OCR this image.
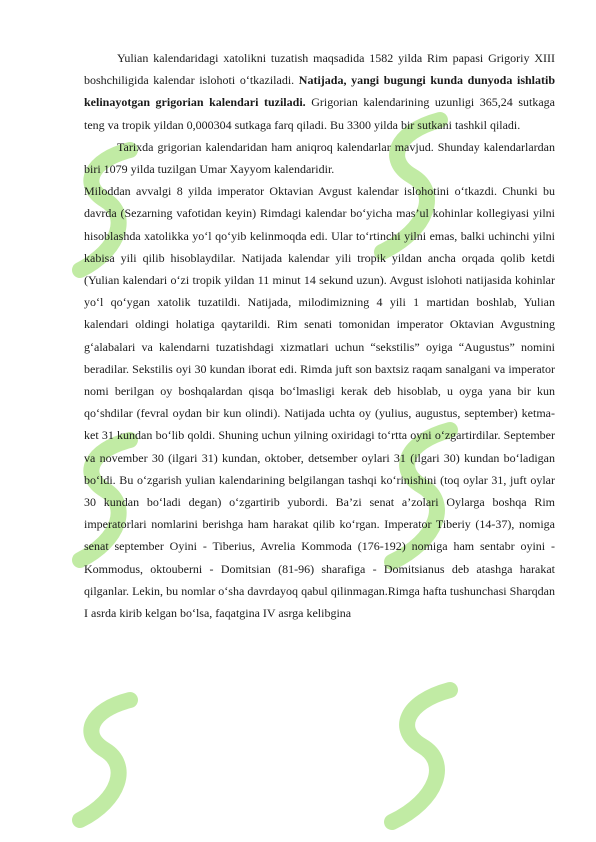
Yulian kalendaridagi xatolikni tuzatish maqsadida 1582 yilda Rim papasi Grigoriy XIII boshchiligida kalendar islohoti o‘tkaziladi. Natijada, yangi bugungi kunda dunyoda ishlatib kelinayotgan grigorian kalendari tuziladi. Grigorian kalendarining uzunligi 365,24 sutkaga teng va tropik yildan 0,000304 sutkaga farq qiladi. Bu 3300 yilda bir sutkani tashkil qiladi.

Tarixda grigorian kalendaridan ham aniqroq kalendarlar mavjud. Shunday kalendarlardan biri 1079 yilda tuzilgan Umar Xayyom kalendaridir.

Miloddan avvalgi 8 yilda imperator Oktavian Avgust kalendar islohotini o‘tkazdi. Chunki bu davrda (Sezarning vafotidan keyin) Rimdagi kalendar bo‘yicha mas’ul kohinlar kollegiyasi yilni hisoblashda xatolikka yo‘l qo‘yib kelinmoqda edi. Ular to‘rtinchi yilni emas, balki uchinchi yilni kabisa yili qilib hisoblaydilar. Natijada kalendar yili tropik yildan ancha orqada qolib ketdi (Yulian kalendari o‘zi tropik yildan 11 minut 14 sekund uzun). Avgust islohoti natijasida kohinlar yo‘l qo‘ygan xatolik tuzatildi. Natijada, milodimizning 4 yili 1 martidan boshlab, Yulian kalendari oldingi holatiga qaytarildi. Rim senati tomonidan imperator Oktavian Avgustning g‘alabalari va kalendarni tuzatishdagi xizmatlari uchun “sekstilis” oyiga “Augustus” nomini beradilar. Sekstilis oyi 30 kundan iborat edi. Rimda juft son baxtsiz raqam sanalgani va imperator nomi berilgan oy boshqalardan qisqa bo‘lmasligi kerak deb hisoblab, u oyga yana bir kun qo‘shdilar (fevral oydan bir kun olindi). Natijada uchta oy (yulius, augustus, september) ketma-ket 31 kundan bo‘lib qoldi. Shuning uchun yilning oxiridagi to‘rtta oyni o‘zgartirdilar. September va november 30 (ilgari 31) kundan, oktober, detsember oylari 31 (ilgari 30) kundan bo‘ladigan bo‘ldi. Bu o‘zgarish yulian kalendarining belgilangan tashqi ko‘rinishini (toq oylar 31, juft oylar 30 kundan bo‘ladi degan) o‘zgartirib yubordi. Ba’zi senat a’zolari Oylarga boshqa Rim imperatorlari nomlarini berishga ham harakat qilib ko‘rgan. Imperator Tiberiy (14-37), nomiga senat september Oyini - Tiberius, Avrelia Kommoda (176-192) nomiga ham sentabr oyini - Kommodus, oktouberni - Domitsian (81-96) sharafiga - Domitsianus deb atashga harakat qilganlar. Lekin, bu nomlar o‘sha davrdayoq qabul qilinmagan.Rimga hafta tushunchasi Sharqdan I asrda kirib kelgan bo‘lsa, faqatgina IV asrga kelibgina
